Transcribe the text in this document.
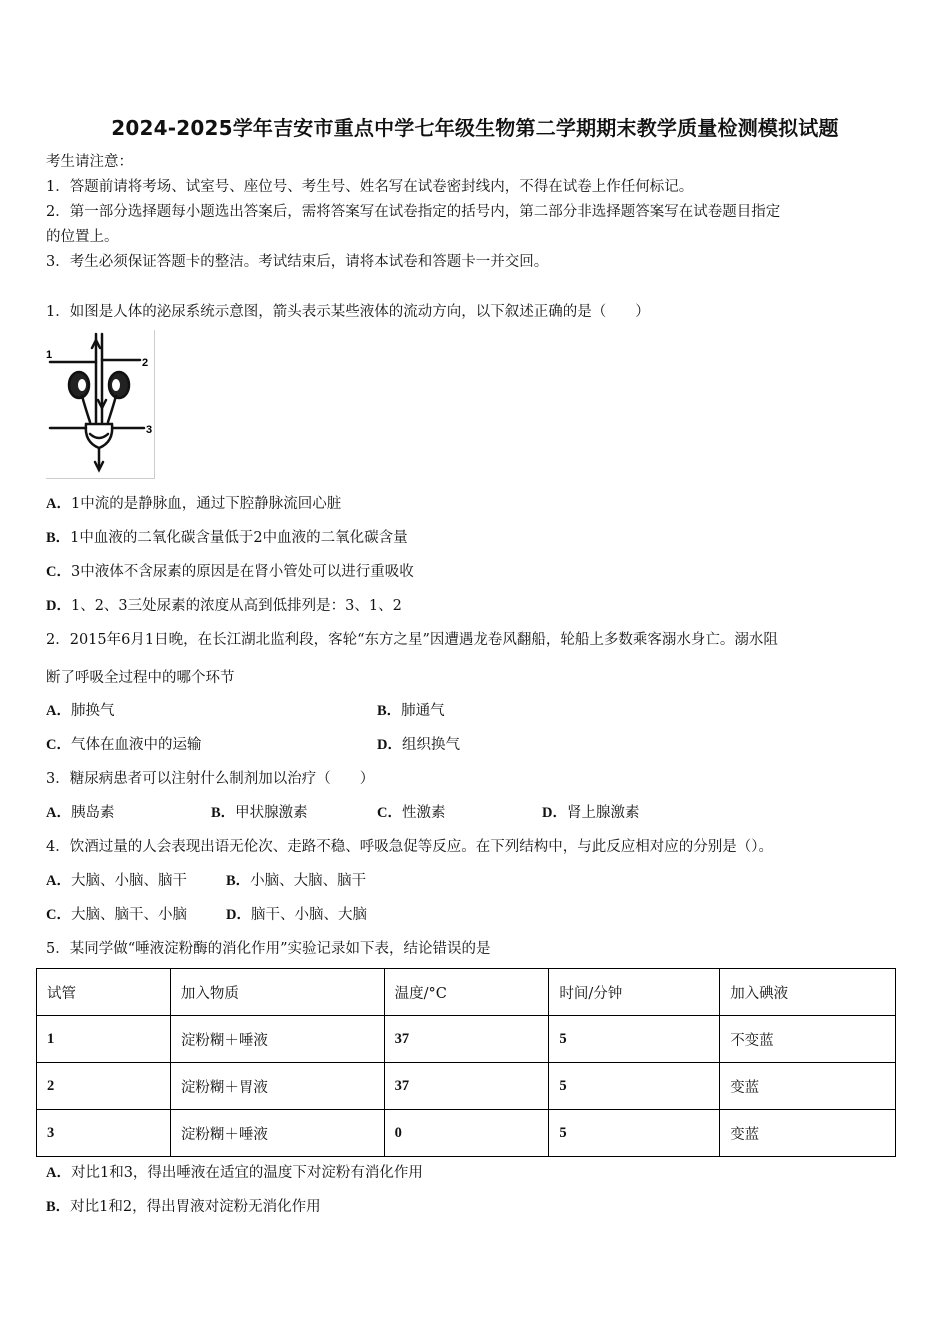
2024-2025学年吉安市重点中学七年级生物第二学期期末教学质量检测模拟试题
考生请注意：
1．答题前请将考场、试室号、座位号、考生号、姓名写在试卷密封线内，不得在试卷上作任何标记。
2．第一部分选择题每小题选出答案后，需将答案写在试卷指定的括号内，第二部分非选择题答案写在试卷题目指定
的位置上。
3．考生必须保证答题卡的整洁。考试结束后，请将本试卷和答题卡一并交回。
1．如图是人体的泌尿系统示意图，箭头表示某些液体的流动方向，以下叙述正确的是（　　）
2
3
1
A．1中流的是静脉血，通过下腔静脉流回心脏
B．1中血液的二氧化碳含量低于2中血液的二氧化碳含量
C．3中液体不含尿素的原因是在肾小管处可以进行重吸收
D．1、2、3三处尿素的浓度从高到低排列是：3、1、2
2．2015年6月1日晚，在长江湖北监利段，客轮“东方之星”因遭遇龙卷风翻船，轮船上多数乘客溺水身亡。溺水阻
断了呼吸全过程中的哪个环节
A．肺换气	B．肺通气
C．气体在血液中的运输	D．组织换气
3．糖尿病患者可以注射什么制剂加以治疗（　　）
A．胰岛素	B．甲状腺激素	C．性激素	D．肾上腺激素
4．饮酒过量的人会表现出语无伦次、走路不稳、呼吸急促等反应。在下列结构中，与此反应相对应的分别是（）。
A．大脑、小脑、脑干	B．小脑、大脑、脑干
C．大脑、脑干、小脑	D．脑干、小脑、大脑
5．某同学做“唾液淀粉酶的消化作用”实验记录如下表，结论错误的是
试管	加入物质	温度/°C	时间/分钟	加入碘液
1	淀粉糊＋唾液	37	5	不变蓝
2	淀粉糊＋胃液	37	5	变蓝
3	淀粉糊＋唾液	0	5	变蓝
A．对比1和3，得出唾液在适宜的温度下对淀粉有消化作用
B．对比1和2，得出胃液对淀粉无消化作用
